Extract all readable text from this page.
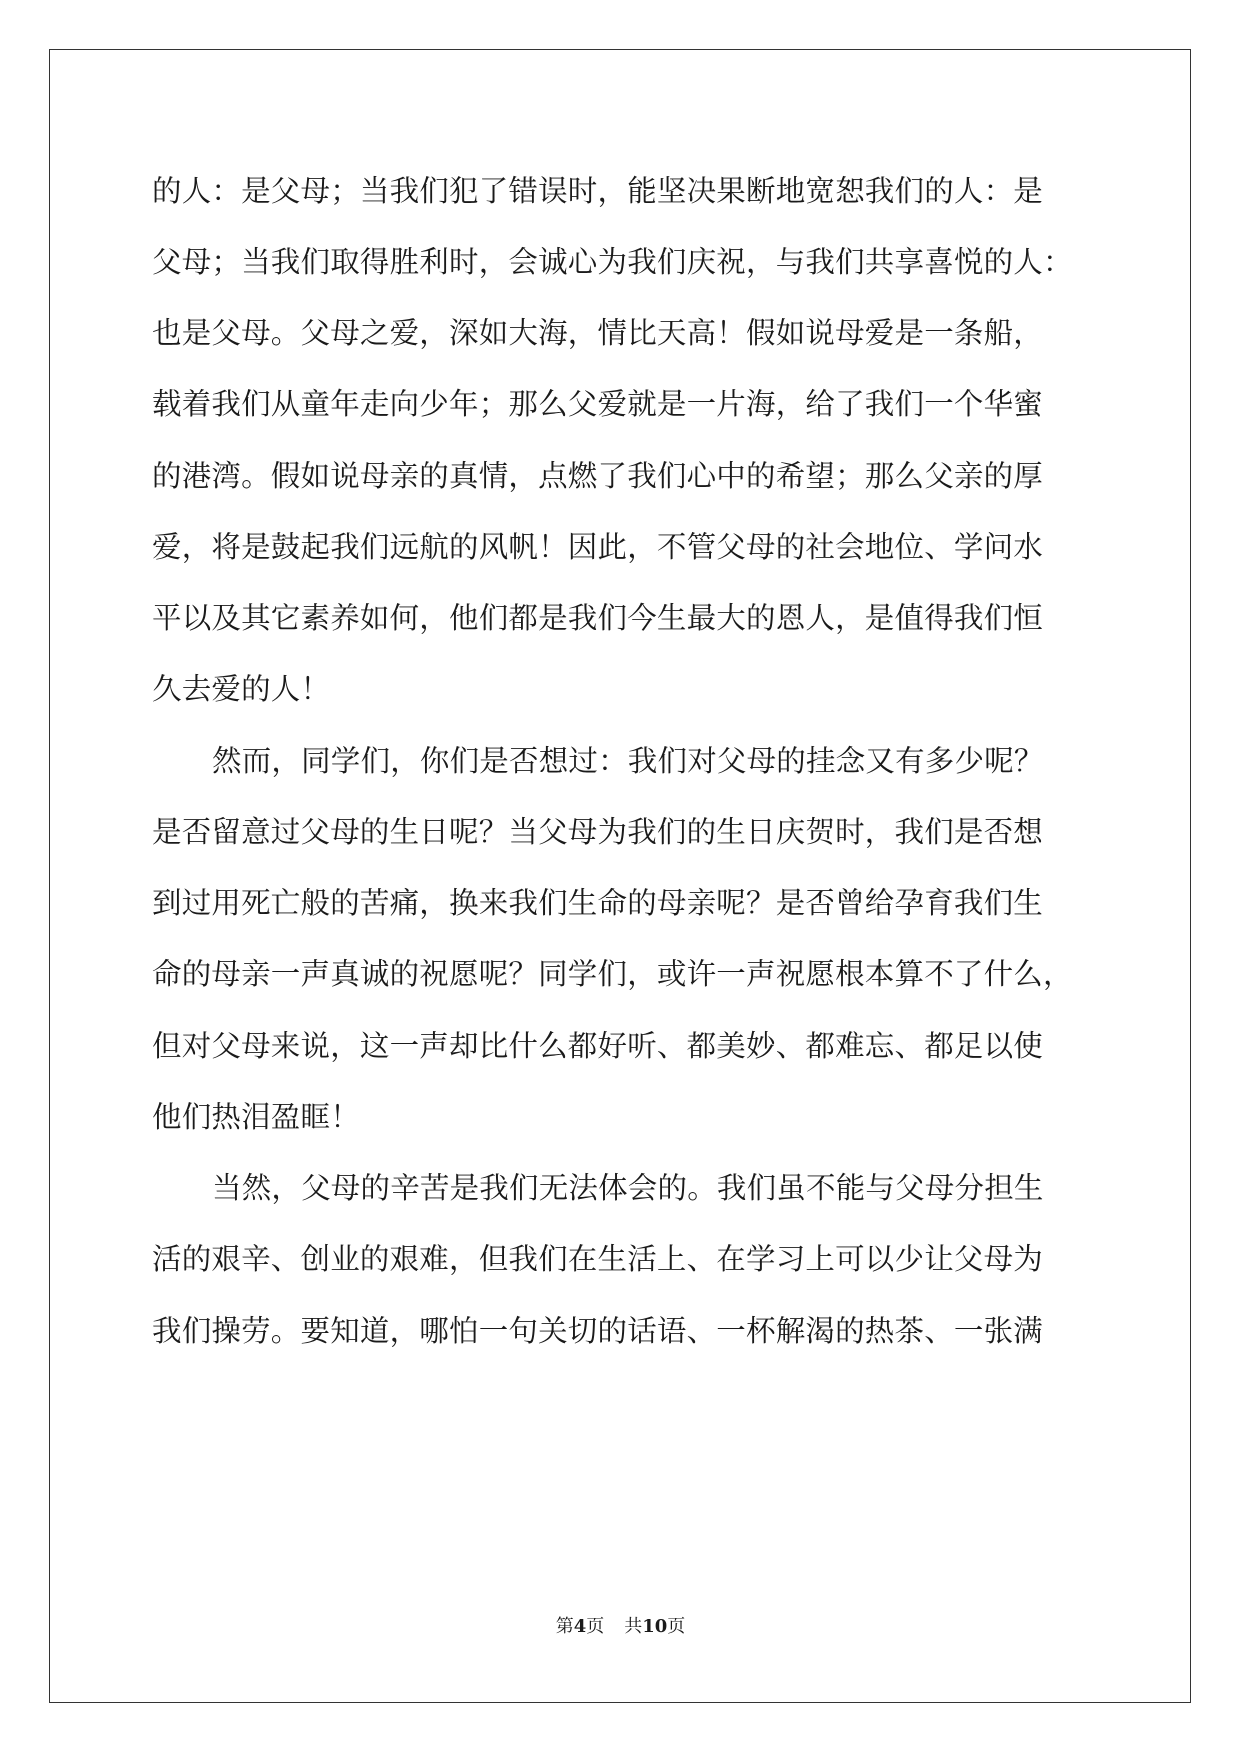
的人：是父母；当我们犯了错误时，能坚决果断地宽恕我们的人：是
父母；当我们取得胜利时，会诚心为我们庆祝，与我们共享喜悦的人：
也是父母。父母之爱，深如大海，情比天高！假如说母爱是一条船，
载着我们从童年走向少年；那么父爱就是一片海，给了我们一个华蜜
的港湾。假如说母亲的真情，点燃了我们心中的希望；那么父亲的厚
爱，将是鼓起我们远航的风帆！因此，不管父母的社会地位、学问水
平以及其它素养如何，他们都是我们今生最大的恩人，是值得我们恒
久去爱的人！
然而，同学们，你们是否想过：我们对父母的挂念又有多少呢？
是否留意过父母的生日呢？当父母为我们的生日庆贺时，我们是否想
到过用死亡般的苦痛，换来我们生命的母亲呢？是否曾给孕育我们生
命的母亲一声真诚的祝愿呢？同学们，或许一声祝愿根本算不了什么，
但对父母来说，这一声却比什么都好听、都美妙、都难忘、都足以使
他们热泪盈眶！
当然，父母的辛苦是我们无法体会的。我们虽不能与父母分担生
活的艰辛、创业的艰难，但我们在生活上、在学习上可以少让父母为
我们操劳。要知道，哪怕一句关切的话语、一杯解渴的热茶、一张满
第4页 共10页
